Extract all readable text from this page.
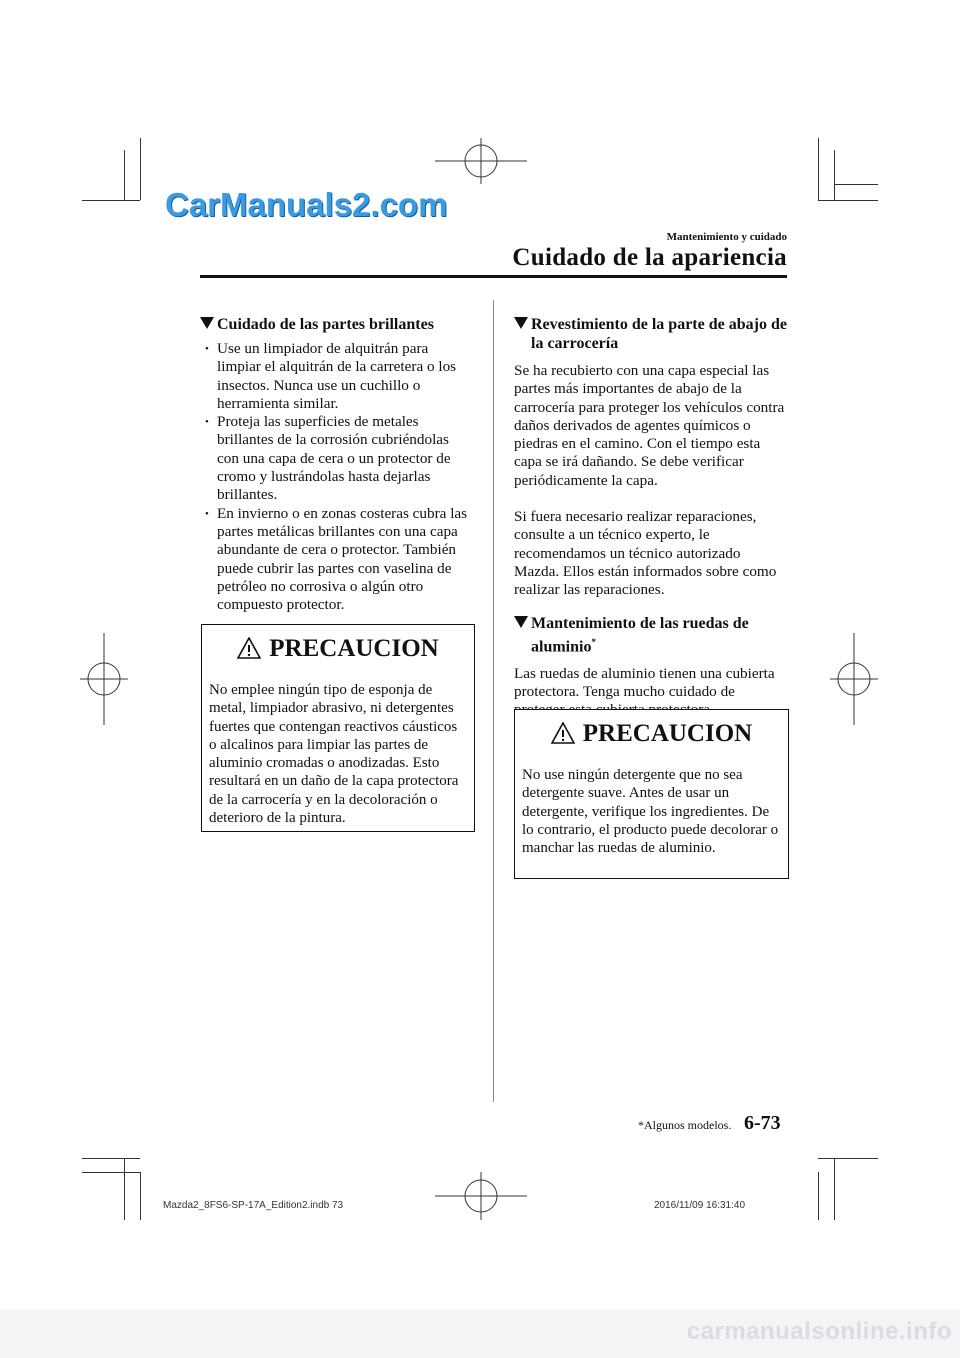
CarManuals2.com
Mantenimiento y cuidado
Cuidado de la apariencia
Cuidado de las partes brillantes
• Use un limpiador de alquitrán para limpiar el alquitrán de la carretera o los insectos. Nunca use un cuchillo o herramienta similar.
• Proteja las superficies de metales brillantes de la corrosión cubriéndolas con una capa de cera o un protector de cromo y lustrándolas hasta dejarlas brillantes.
• En invierno o en zonas costeras cubra las partes metálicas brillantes con una capa abundante de cera o protector. También puede cubrir las partes con vaselina de petróleo no corrosiva o algún otro compuesto protector.
PRECAUCION
No emplee ningún tipo de esponja de metal, limpiador abrasivo, ni detergentes fuertes que contengan reactivos cáusticos o alcalinos para limpiar las partes de aluminio cromadas o anodizadas. Esto resultará en un daño de la capa protectora de la carrocería y en la decoloración o deterioro de la pintura.
Revestimiento de la parte de abajo de la carrocería

Se ha recubierto con una capa especial las partes más importantes de abajo de la carrocería para proteger los vehículos contra daños derivados de agentes químicos o piedras en el camino. Con el tiempo esta capa se irá dañando. Se debe verificar periódicamente la capa.

Si fuera necesario realizar reparaciones, consulte a un técnico experto, le recomendamos un técnico autorizado Mazda. Ellos están informados sobre como realizar las reparaciones.

Mantenimiento de las ruedas de aluminio*

Las ruedas de aluminio tienen una cubierta protectora. Tenga mucho cuidado de

PRECAUCION
No use ningún detergente que no sea detergente suave. Antes de usar un detergente, verifique los ingredientes. De lo contrario, el producto puede decolorar o manchar las ruedas de aluminio.
*Algunos modelos. 6-73
Mazda2_8FS6-SP-17A_Edition2.indb 73	2016/11/09 16:31:40
carmanualsonline.info
